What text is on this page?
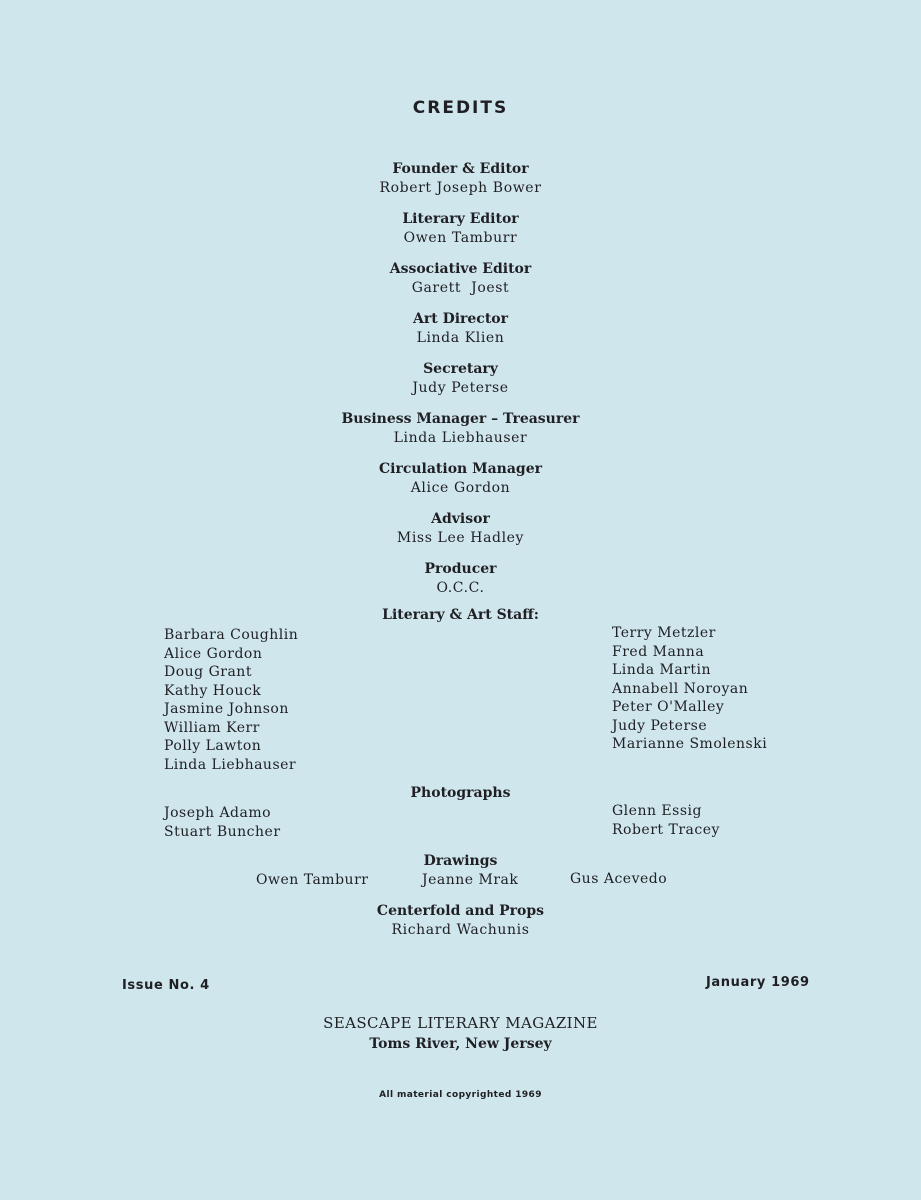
CREDITS
Founder & Editor
Robert Joseph Bower
Literary Editor
Owen Tamburr
Associative Editor
Garett  Joest
Art Director
Linda Klien
Secretary
Judy Peterse
Business Manager – Treasurer
Linda Liebhauser
Circulation Manager
Alice Gordon
Advisor
Miss Lee Hadley
Producer
O.C.C.
Literary & Art Staff:
Barbara Coughlin
Alice Gordon
Doug Grant
Kathy Houck
Jasmine Johnson
William Kerr
Polly Lawton
Linda Liebhauser
Terry Metzler
Fred Manna
Linda Martin
Annabell Noroyan
Peter O'Malley
Judy Peterse
Marianne Smolenski
Photographs
Joseph Adamo
Stuart Buncher
Glenn Essig
Robert Tracey
Drawings
Owen Tamburr	Jeanne Mrak	Gus Acevedo
Centerfold and Props
Richard Wachunis
Issue No. 4	January 1969
SEASCAPE LITERARY MAGAZINE
Toms River, New Jersey
All material copyrighted 1969
